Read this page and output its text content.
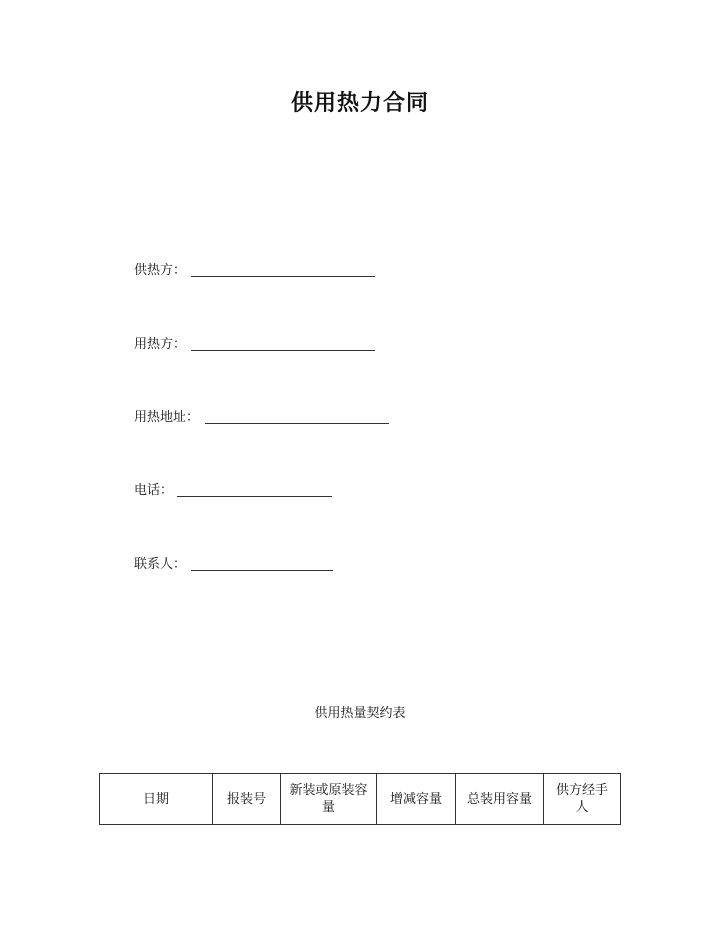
供用热力合同
供热方：
用热方：
用热地址：
电话：
联系人：
供用热量契约表
日期	报装号	新装或原装容量	增减容量	总装用容量	供方经手人
